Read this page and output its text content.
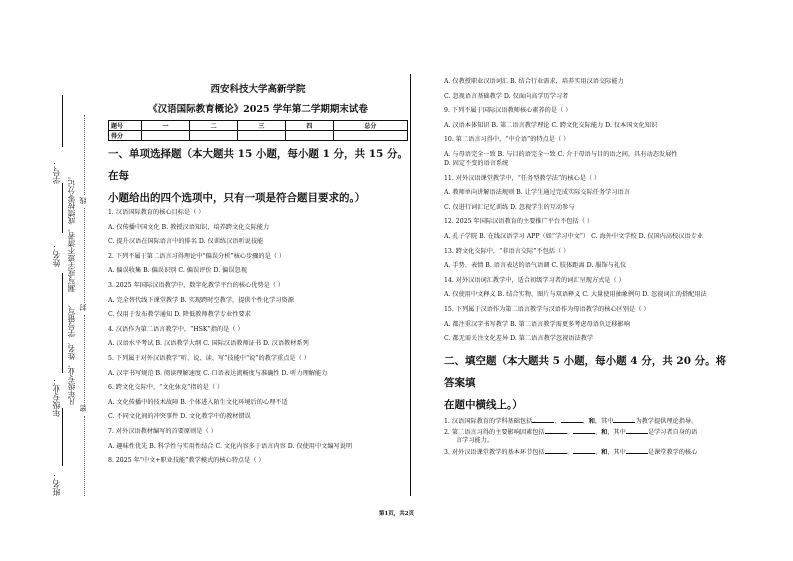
学号：
姓名：
年级专业：
班名：
漏写或字迹不清者，成绩按零分记。
凡年级专业、姓名、学号错写、
线
封
密
西安科技大学高新学院
《汉语国际教育概论》2025 学年第二学期期末试卷
题号	一	二	三	四	总分
得分					
一、单项选择题（本大题共 15 小题，每小题 1 分，共 15 分。在每
小题给出的四个选项中，只有一项是符合题目要求的。）
1. 汉语国际教育的核心目标是（ ）
A. 仅传播中国文化 B. 教授汉语知识，培养跨文化交际能力
C. 提升汉语在国际语言中的排名 D. 仅训练汉语听说技能
2. 下列不属于第二语言习得理论中“偏误分析”核心步骤的是（ ）
A. 偏误收集 B. 偏误识别 C. 偏误评价 D. 偏误忽视
3. 2025 年国际汉语教学中，数字化教学平台的核心优势是（ ）
A. 完全替代线下课堂教学 B. 实现跨时空教学，提供个性化学习资源
C. 仅用于发布教学通知 D. 降低教师教学专业性要求
4. 汉语作为第二语言教学中，“HSK”指的是（ ）
A. 汉语水平考试 B. 汉语教学大纲 C. 国际汉语教师证书 D. 汉语教材系列
5. 下列属于对外汉语教学“听、说、读、写”技能中“说”的教学重点是（ ）
A. 汉字书写规范 B. 阅读理解速度 C. 口语表达流畅度与准确性 D. 听力理解能力
6. 跨文化交际中，“文化休克”指的是（ ）
A. 文化传播中的技术故障 B. 个体进入陌生文化环境后的心理不适
C. 不同文化间的冲突事件 D. 文化教学中的教材错误
7. 对外汉语教材编写的首要原则是（ ）
A. 趣味性优先 B. 科学性与实用性结合 C. 文化内容多于语言内容 D. 仅使用中文编写说明
8. 2025 年“中文+职业技能”教学模式的核心特点是（ ）
A. 仅教授职业汉语词汇 B. 结合行业需求，培养实用汉语交际能力
C. 忽视语言基础教学 D. 仅面向高学历学习者
9. 下列不属于国际汉语教师核心素养的是（ ）
A. 汉语本体知识 B. 第二语言教学理论 C. 跨文化交际能力 D. 仅本国文化知识
10. 第二语言习得中，“中介语”的特点是（ ）
A. 与母语完全一致 B. 与目的语完全一致 C. 介于母语与目的语之间，具有动态发展性
D. 固定不变的语言系统
11. 对外汉语课堂教学中，“任务型教学法”的核心是（ ）
A. 教师单向讲解语法规则 B. 让学生通过完成实际交际任务学习语言
C. 仅进行词汇记忆训练 D. 忽视学生的互动参与
12. 2025 年国际汉语教育的主要推广平台不包括（ ）
A. 孔子学院 B. 在线汉语学习 APP（如“学习中文”） C. 海外中文学校 D. 仅国内高校汉语专业
13. 跨文化交际中，“非语言交际”不包括（ ）
A. 手势、表情 B. 语言表达的语气语调 C. 肢体距离 D. 服饰与礼仪
14. 对外汉语词汇教学中，适合初级学习者的词汇呈现方式是（ ）
A. 仅使用中文释义 B. 结合实物、图片与双语释义 C. 大量使用抽象例句 D. 忽视词汇的搭配用法
15. 下列属于汉语作为第二语言教学与汉语作为母语教学的核心区别是（ ）
A. 都注重汉字书写教学 B. 第二语言教学需更多考虑母语负迁移影响
C. 都无需关注文化差异 D. 第二语言教学忽视语法教学
二、填空题（本大题共 5 小题，每小题 4 分，共 20 分。将答案填
在题中横线上。）
1. 汉语国际教育的学科基础包括	、	、和，其中	为教学提供理论指导。
2. 第二语言习得的主要影响因素包括	、	、和，其中	是学习者自身的语
言学习能力。
3. 对外汉语课堂教学的基本环节包括	、	、和，其中	是课堂教学的核心
第1页，共2页
